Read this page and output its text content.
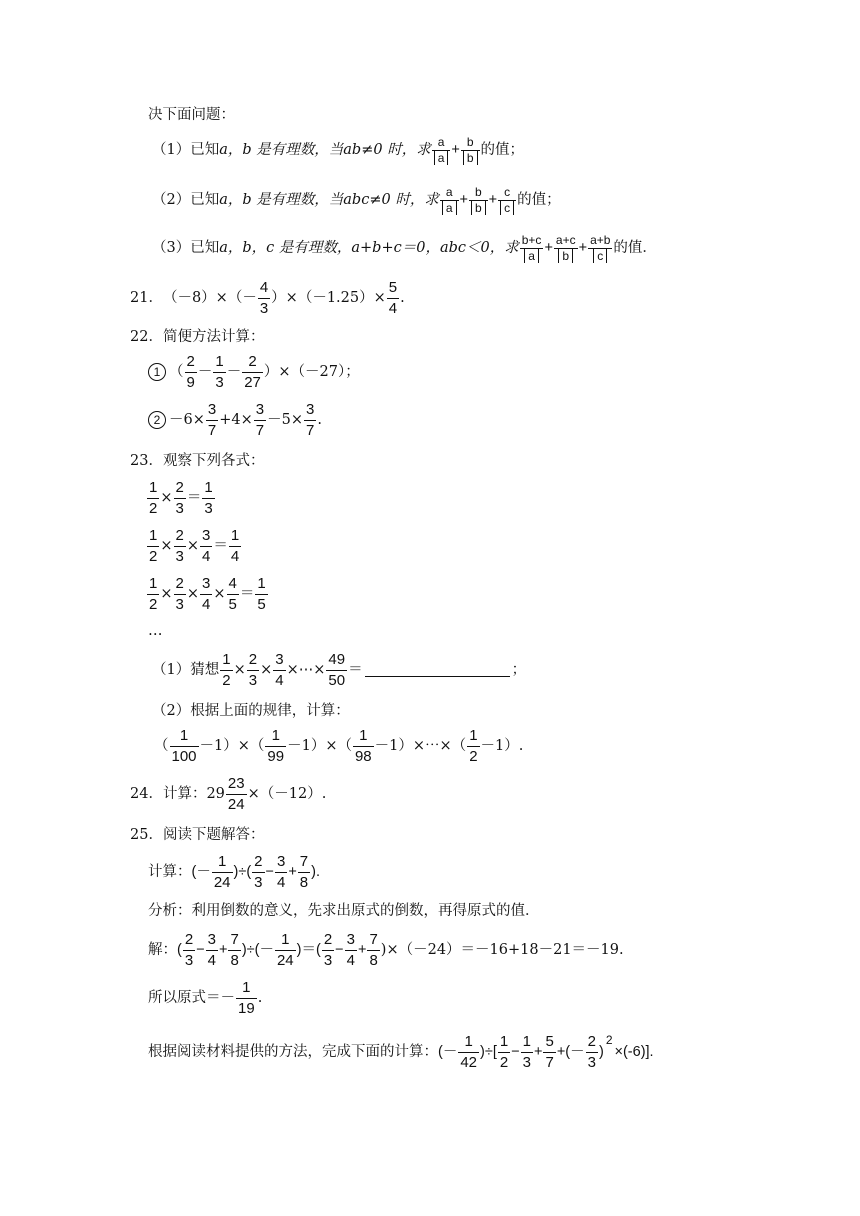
决下面问题：
（1）已知 a，b 是有理数，当 ab≠0 时，求 $\frac{a}{a} + \frac{b}{b}$ 的值；
（2）已知 a，b 是有理数，当 abc≠0 时，求 $\frac{a}{a} + \frac{b}{b} + \frac{c}{c}$ 的值；
（3）已知 a，b，c 是有理数， a+b+c＝0，abc＜0，求 $\frac{b+c}{a} + \frac{a+c}{b} + \frac{a+b}{c}$ 的值．
21． $(-8)\times(- \frac{4}{3} )\times(-1.25)\times \frac{5}{4}$ .
22．简便方法计算：
1 （ $\frac{2}{9} - \frac{1}{3} - \frac{2}{27} )\times(-27)$；
$2 -6\times \frac{3}{7} +4\times \frac{3}{7} -5\times \frac{3}{7}$ .
23．观察下列各式：
$\frac{1}{2} \times \frac{2}{3} = \frac{1}{3}$
$\frac{1}{2} \times \frac{2}{3} \times \frac{3}{4} = \frac{1}{4}$
$\frac{1}{2} \times \frac{2}{3} \times \frac{3}{4} \times \frac{4}{5} = \frac{1}{5}$
…
（1）猜想 $\frac{1}{2} \times \frac{2}{3} \times \frac{3}{4}$ ×⋯× $\frac{49}{50}$ ＝	；
（2）根据上面的规律，计算：
（ $\frac{1}{100} -1)\times( \frac{1}{99} -1)\times( \frac{1}{98}$ －1）×⋯×（ $\frac{1}{2} -1$）.
24．计算：$29 \frac{23}{24} \times(-12)$.
25．阅读下题解答：
计算： (－ $\frac{1}{24}$ )÷( $\frac{2}{3} - \frac{3}{4} + \frac{7}{8}$ ).
分析：利用倒数的意义，先求出原式的倒数，再得原式的值．
解： ( $\frac{2}{3} - \frac{3}{4} + \frac{7}{8}$ )÷ (－ $\frac{1}{24}$ )＝( $\frac{2}{3} - \frac{3}{4} + \frac{7}{8} )\times(-24)=-16+18-21=-19$.
所以原式＝－ $\frac{1}{19}$ .
根据阅读材料提供的方法，完成下面的计算： (－ $\frac{1}{42}$ )÷[ $\frac{1}{2} - \frac{1}{3} + \frac{5}{7}$ +(－ $\frac{2}{3}$ )
$^2$
×(-6)].
